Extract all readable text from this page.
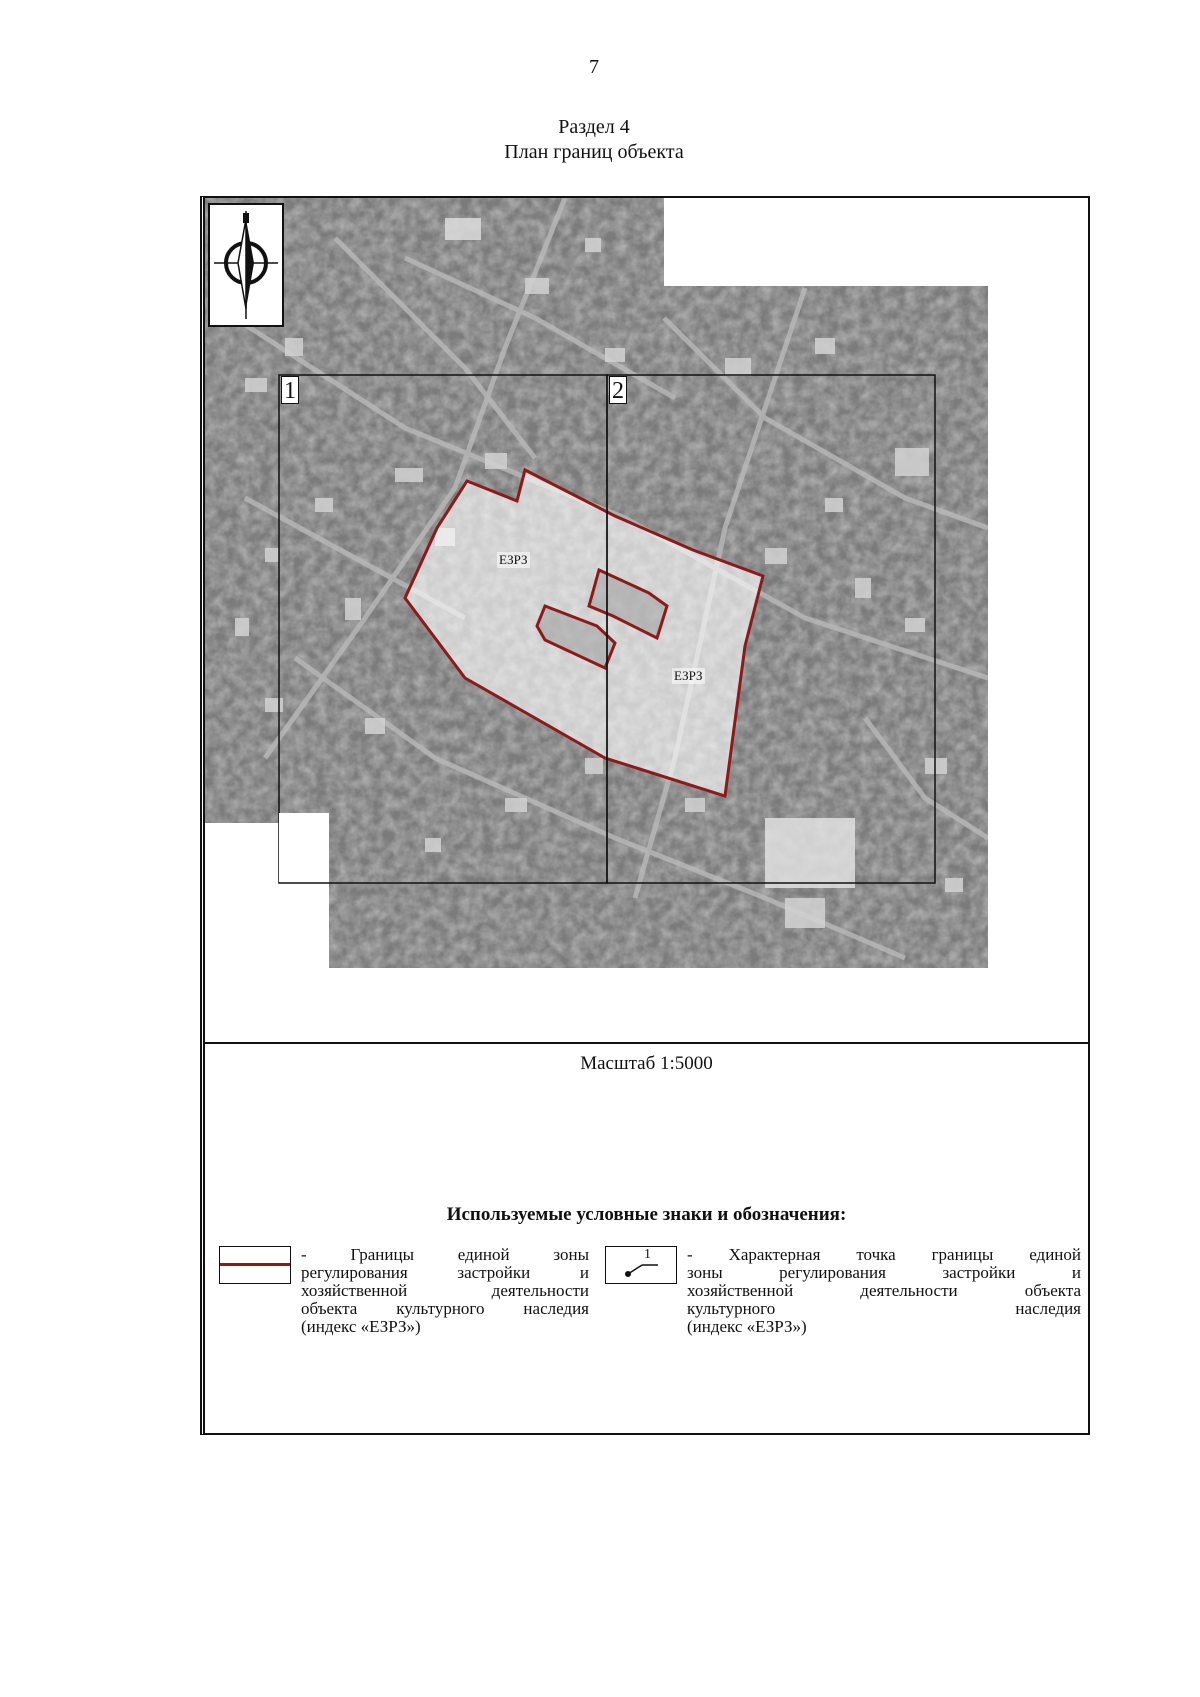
7
Раздел 4
План границ объекта
1	2
ЕЗРЗ
ЕЗРЗ
Масштаб 1:5000
Используемые условные знаки и обозначения:
- Границы единой зоны
регулирования застройки и
хозяйственной деятельности
объекта культурного наследия
(индекс «ЕЗРЗ»)
1 - Характерная точка границы единой
зоны регулирования застройки и
хозяйственной деятельности объекта
культурного наследия
(индекс «ЕЗРЗ»)
